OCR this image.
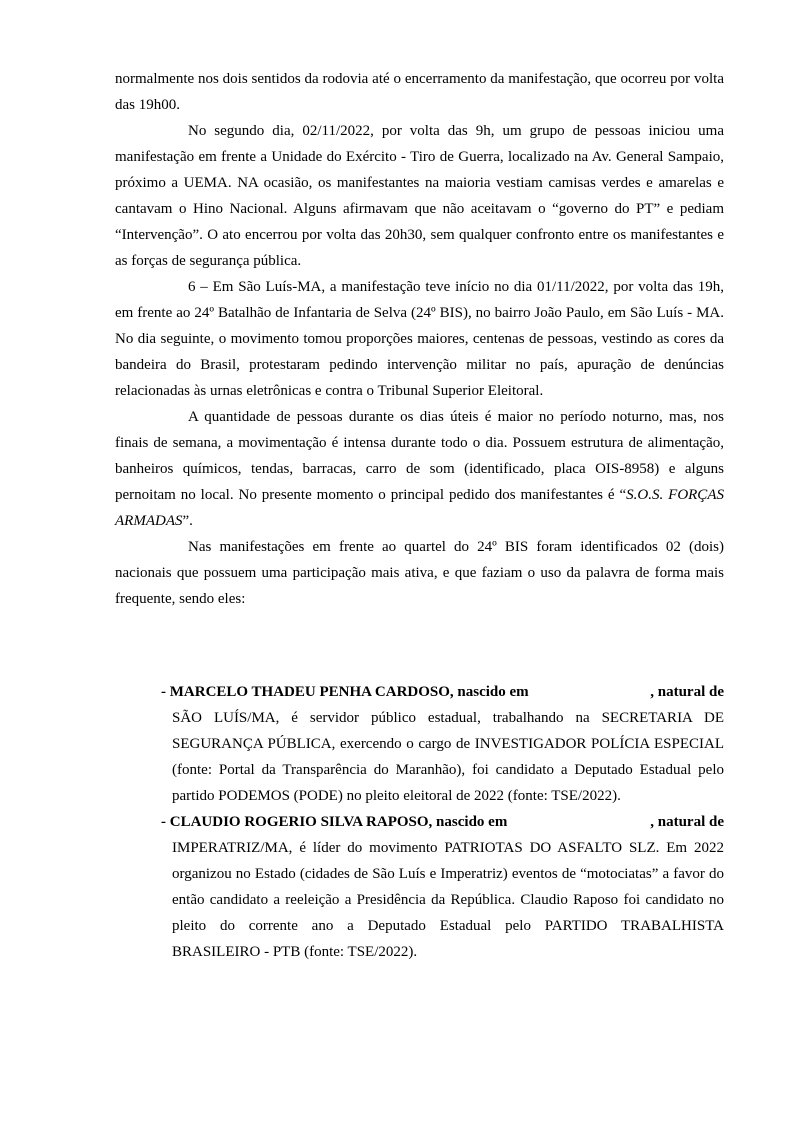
normalmente nos dois sentidos da rodovia até o encerramento da manifestação, que ocorreu por volta das 19h00.

No segundo dia, 02/11/2022, por volta das 9h, um grupo de pessoas iniciou uma manifestação em frente a Unidade do Exército - Tiro de Guerra, localizado na Av. General Sampaio, próximo a UEMA. NA ocasião, os manifestantes na maioria vestiam camisas verdes e amarelas e cantavam o Hino Nacional. Alguns afirmavam que não aceitavam o “governo do PT” e pediam “Intervenção”. O ato encerrou por volta das 20h30, sem qualquer confronto entre os manifestantes e as forças de segurança pública.

6 – Em São Luís-MA, a manifestação teve início no dia 01/11/2022, por volta das 19h, em frente ao 24º Batalhão de Infantaria de Selva (24º BIS), no bairro João Paulo, em São Luís - MA. No dia seguinte, o movimento tomou proporções maiores, centenas de pessoas, vestindo as cores da bandeira do Brasil, protestaram pedindo intervenção militar no país, apuração de denúncias relacionadas às urnas eletrônicas e contra o Tribunal Superior Eleitoral.

A quantidade de pessoas durante os dias úteis é maior no período noturno, mas, nos finais de semana, a movimentação é intensa durante todo o dia. Possuem estrutura de alimentação, banheiros químicos, tendas, barracas, carro de som (identificado, placa OIS-8958) e alguns pernoitam no local. No presente momento o principal pedido dos manifestantes é “S.O.S. FORÇAS ARMADAS”.

Nas manifestações em frente ao quartel do 24º BIS foram identificados 02 (dois) nacionais que possuem uma participação mais ativa, e que faziam o uso da palavra de forma mais frequente, sendo eles:

- MARCELO THADEU PENHA CARDOSO, nascido em	, natural de
SÃO LUÍS/MA, é servidor público estadual, trabalhando na SECRETARIA DE SEGURANÇA PÚBLICA, exercendo o cargo de INVESTIGADOR POLÍCIA ESPECIAL (fonte: Portal da Transparência do Maranhão), foi candidato a Deputado Estadual pelo partido PODEMOS (PODE) no pleito eleitoral de 2022 (fonte: TSE/2022).
- CLAUDIO ROGERIO SILVA RAPOSO, nascido em	, natural de
IMPERATRIZ/MA, é líder do movimento PATRIOTAS DO ASFALTO SLZ. Em 2022 organizou no Estado (cidades de São Luís e Imperatriz) eventos de “motociatas” a favor do então candidato a reeleição a Presidência da República. Claudio Raposo foi candidato no pleito do corrente ano a Deputado Estadual pelo PARTIDO TRABALHISTA BRASILEIRO - PTB (fonte: TSE/2022).
